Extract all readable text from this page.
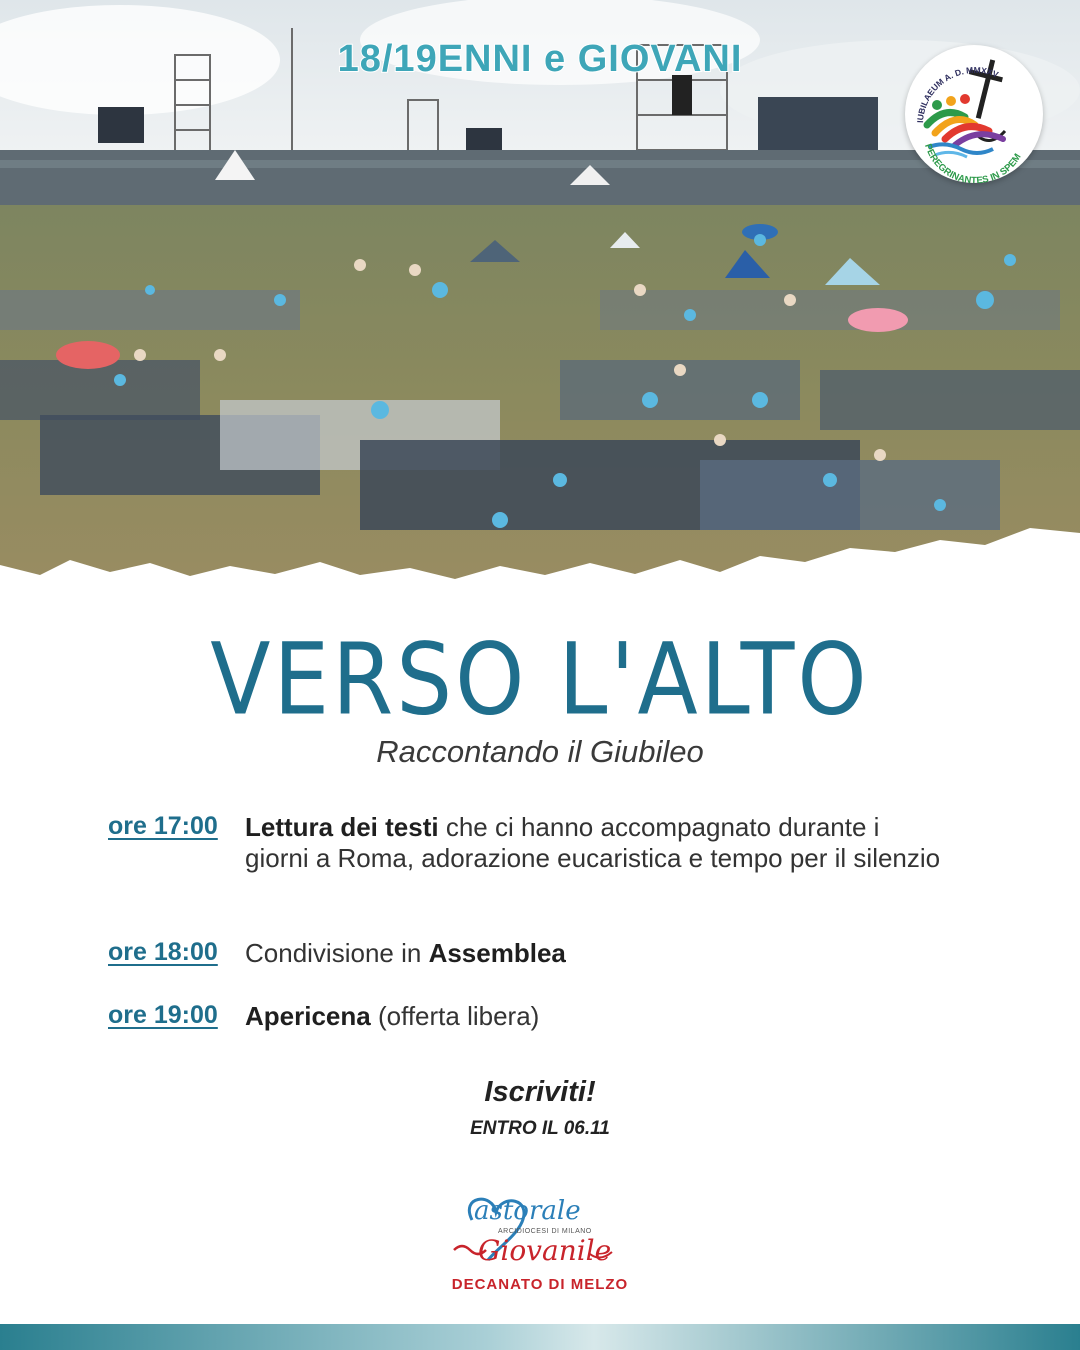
18/19ENNI e GIOVANI
IUBILAEUM A. D. MMXXV
PEREGRINANTES IN SPEM
VERSO L'ALTO
Raccontando il Giubileo
ore 17:00 Lettura dei testi che ci hanno accompagnato durante i giorni a Roma, adorazione eucaristica e tempo per il silenzio
ore 18:00 Condivisione in Assemblea
ore 19:00 Apericena (offerta libera)
Iscriviti!
ENTRO IL 06.11
astorale
ARCIDIOCESI DI MILANO
Giovanile
DECANATO DI MELZO
